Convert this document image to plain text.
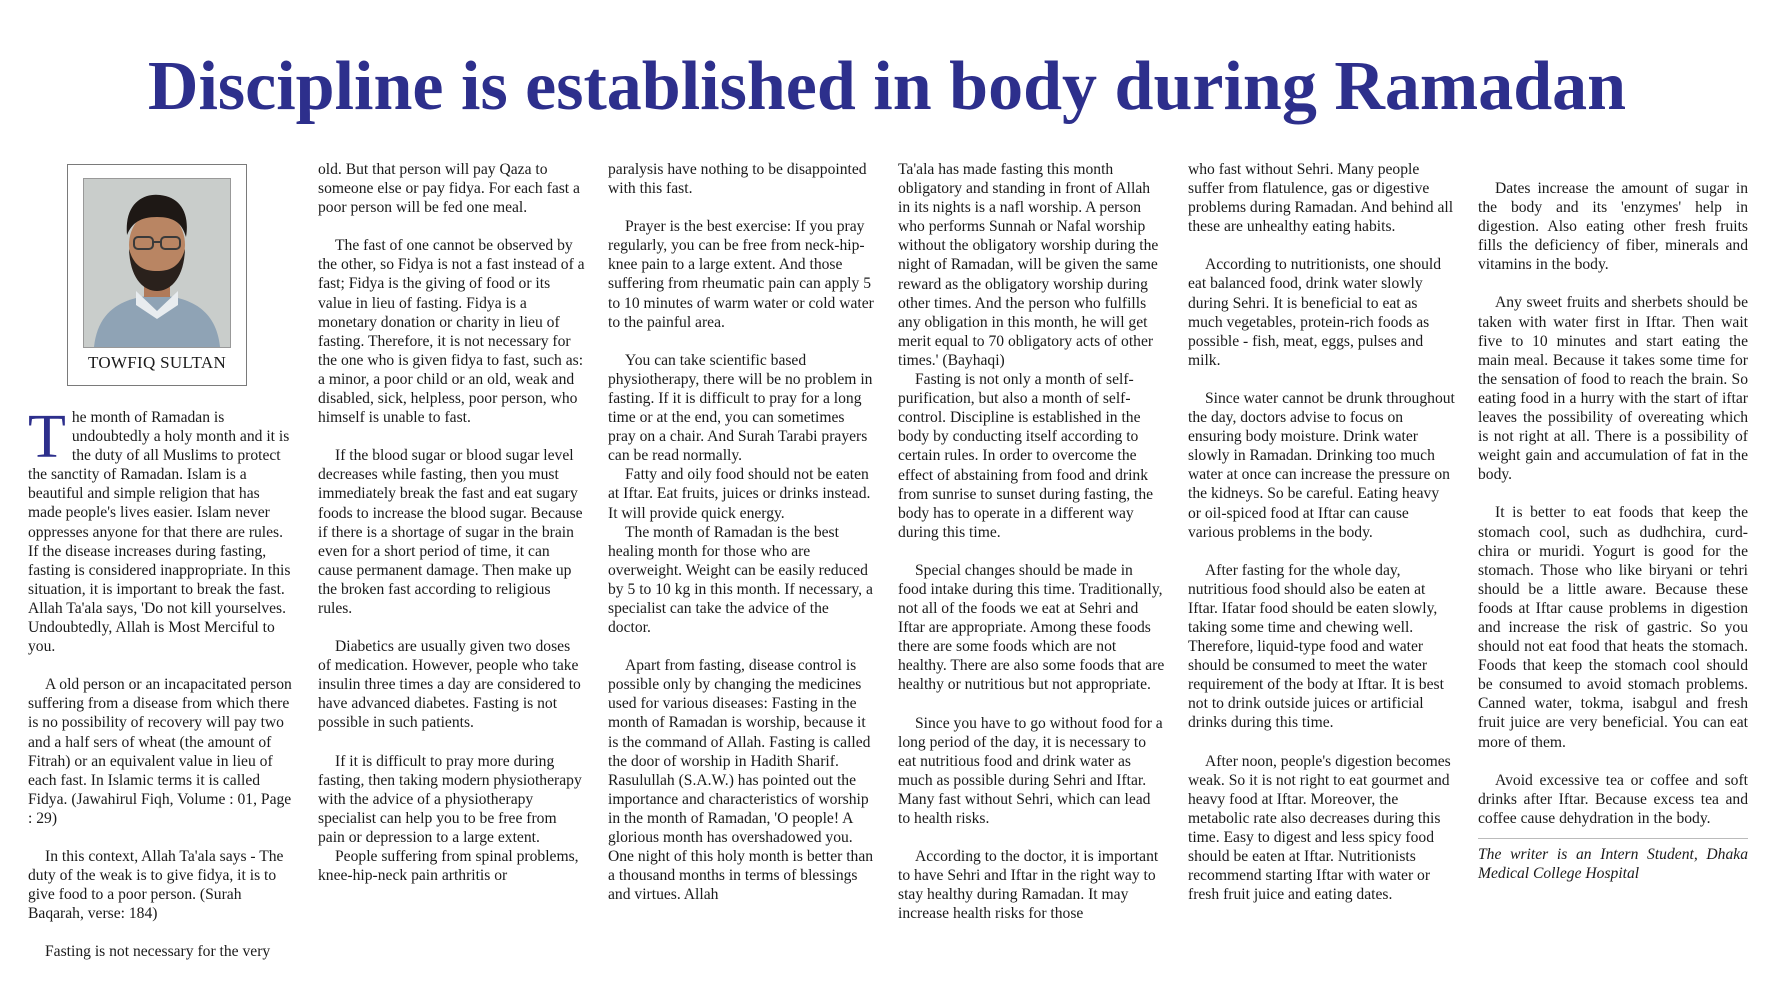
Discipline is established in body during Ramadan
TOWFIQ SULTAN

The month of Ramadan is undoubtedly a holy month and it is the duty of all Muslims to protect the sanctity of Ramadan. Islam is a beautiful and simple religion that has made people's lives easier. Islam never oppresses anyone for that there are rules. If the disease increases during fasting, fasting is considered inappropriate. In this situation, it is important to break the fast. Allah Ta'ala says, 'Do not kill yourselves. Undoubtedly, Allah is Most Merciful to you.

A old person or an incapacitated person suffering from a disease from which there is no possibility of recovery will pay two and a half sers of wheat (the amount of Fitrah) or an equivalent value in lieu of each fast. In Islamic terms it is called Fidya. (Jawahirul Fiqh, Volume : 01, Page : 29)

In this context, Allah Ta'ala says - The duty of the weak is to give fidya, it is to give food to a poor person. (Surah Baqarah, verse: 184)

Fasting is not necessary for the very

old. But that person will pay Qaza to someone else or pay fidya. For each fast a poor person will be fed one meal.

The fast of one cannot be observed by the other, so Fidya is not a fast instead of a fast; Fidya is the giving of food or its value in lieu of fasting. Fidya is a monetary donation or charity in lieu of fasting. Therefore, it is not necessary for the one who is given fidya to fast, such as: a minor, a poor child or an old, weak and disabled, sick, helpless, poor person, who himself is unable to fast.

If the blood sugar or blood sugar level decreases while fasting, then you must immediately break the fast and eat sugary foods to increase the blood sugar. Because if there is a shortage of sugar in the brain even for a short period of time, it can cause permanent damage. Then make up the broken fast according to religious rules.

Diabetics are usually given two doses of medication. However, people who take insulin three times a day are considered to have advanced diabetes. Fasting is not possible in such patients.

If it is difficult to pray more during fasting, then taking modern physiotherapy with the advice of a physiotherapy specialist can help you to be free from pain or depression to a large extent.

People suffering from spinal problems, knee-hip-neck pain arthritis or

paralysis have nothing to be disappointed with this fast.

Prayer is the best exercise: If you pray regularly, you can be free from neck-hip-knee pain to a large extent. And those suffering from rheumatic pain can apply 5 to 10 minutes of warm water or cold water to the painful area.

You can take scientific based physiotherapy, there will be no problem in fasting. If it is difficult to pray for a long time or at the end, you can sometimes pray on a chair. And Surah Tarabi prayers can be read normally.

Fatty and oily food should not be eaten at Iftar. Eat fruits, juices or drinks instead. It will provide quick energy.

The month of Ramadan is the best healing month for those who are overweight. Weight can be easily reduced by 5 to 10 kg in this month. If necessary, a specialist can take the advice of the doctor.

Apart from fasting, disease control is possible only by changing the medicines used for various diseases: Fasting in the month of Ramadan is worship, because it is the command of Allah. Fasting is called the door of worship in Hadith Sharif. Rasulullah (S.A.W.) has pointed out the importance and characteristics of worship in the month of Ramadan, 'O people! A glorious month has overshadowed you. One night of this holy month is better than a thousand months in terms of blessings and virtues. Allah

Ta'ala has made fasting this month obligatory and standing in front of Allah in its nights is a nafl worship. A person who performs Sunnah or Nafal worship without the obligatory worship during the night of Ramadan, will be given the same reward as the obligatory worship during other times. And the person who fulfills any obligation in this month, he will get merit equal to 70 obligatory acts of other times.' (Bayhaqi)

Fasting is not only a month of self-purification, but also a month of self-control. Discipline is established in the body by conducting itself according to certain rules. In order to overcome the effect of abstaining from food and drink from sunrise to sunset during fasting, the body has to operate in a different way during this time.

Special changes should be made in food intake during this time. Traditionally, not all of the foods we eat at Sehri and Iftar are appropriate. Among these foods there are some foods which are not healthy. There are also some foods that are healthy or nutritious but not appropriate.

Since you have to go without food for a long period of the day, it is necessary to eat nutritious food and drink water as much as possible during Sehri and Iftar. Many fast without Sehri, which can lead to health risks.

According to the doctor, it is important to have Sehri and Iftar in the right way to stay healthy during Ramadan. It may increase health risks for those

who fast without Sehri. Many people suffer from flatulence, gas or digestive problems during Ramadan. And behind all these are unhealthy eating habits.

According to nutritionists, one should eat balanced food, drink water slowly during Sehri. It is beneficial to eat as much vegetables, protein-rich foods as possible - fish, meat, eggs, pulses and milk.

Since water cannot be drunk throughout the day, doctors advise to focus on ensuring body moisture. Drink water slowly in Ramadan. Drinking too much water at once can increase the pressure on the kidneys. So be careful. Eating heavy or oil-spiced food at Iftar can cause various problems in the body.

After fasting for the whole day, nutritious food should also be eaten at Iftar. Ifatar food should be eaten slowly, taking some time and chewing well. Therefore, liquid-type food and water should be consumed to meet the water requirement of the body at Iftar. It is best not to drink outside juices or artificial drinks during this time.

After noon, people's digestion becomes weak. So it is not right to eat gourmet and heavy food at Iftar. Moreover, the metabolic rate also decreases during this time. Easy to digest and less spicy food should be eaten at Iftar. Nutritionists recommend starting Iftar with water or fresh fruit juice and eating dates.

Dates increase the amount of sugar in the body and its 'enzymes' help in digestion. Also eating other fresh fruits fills the deficiency of fiber, minerals and vitamins in the body.

Any sweet fruits and sherbets should be taken with water first in Iftar. Then wait five to 10 minutes and start eating the main meal. Because it takes some time for the sensation of food to reach the brain. So eating food in a hurry with the start of iftar leaves the possibility of overeating which is not right at all. There is a possibility of weight gain and accumulation of fat in the body.

It is better to eat foods that keep the stomach cool, such as dudhchira, curd-chira or muridi. Yogurt is good for the stomach. Those who like biryani or tehri should be a little aware. Because these foods at Iftar cause problems in digestion and increase the risk of gastric. So you should not eat food that heats the stomach. Foods that keep the stomach cool should be consumed to avoid stomach problems. Canned water, tokma, isabgul and fresh fruit juice are very beneficial. You can eat more of them.

Avoid excessive tea or coffee and soft drinks after Iftar. Because excess tea and coffee cause dehydration in the body.

The writer is an Intern Student, Dhaka Medical College Hospital
